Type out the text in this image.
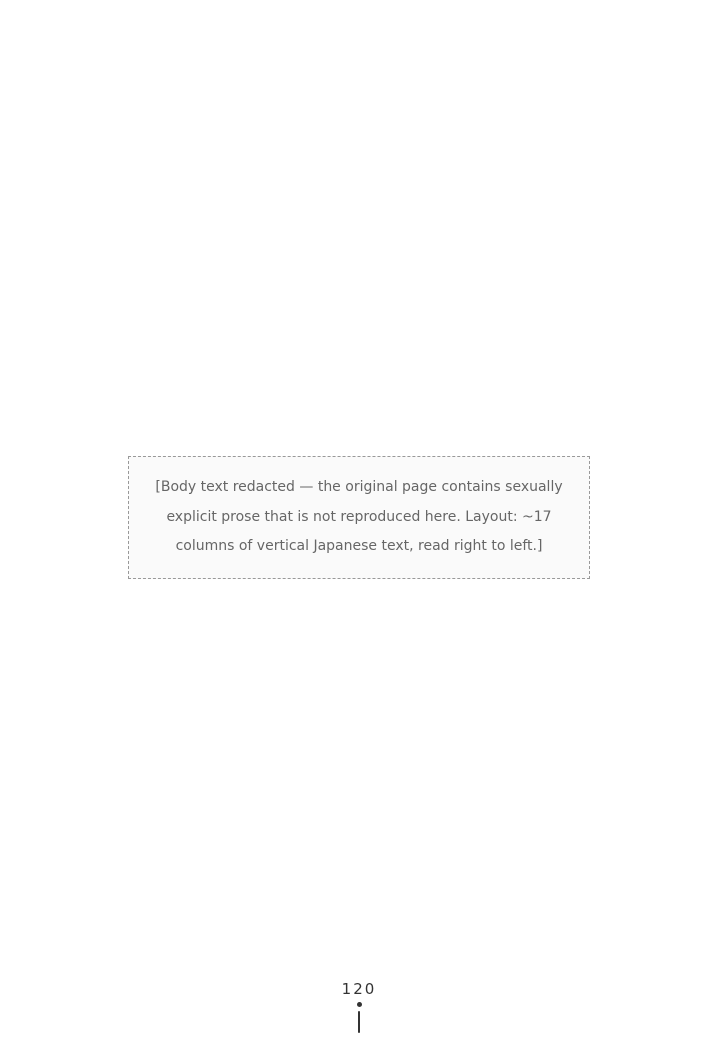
[Body text redacted — the original page contains sexually explicit prose that is not reproduced here. Layout: ~17 columns of vertical Japanese text, read right to left.]
120
